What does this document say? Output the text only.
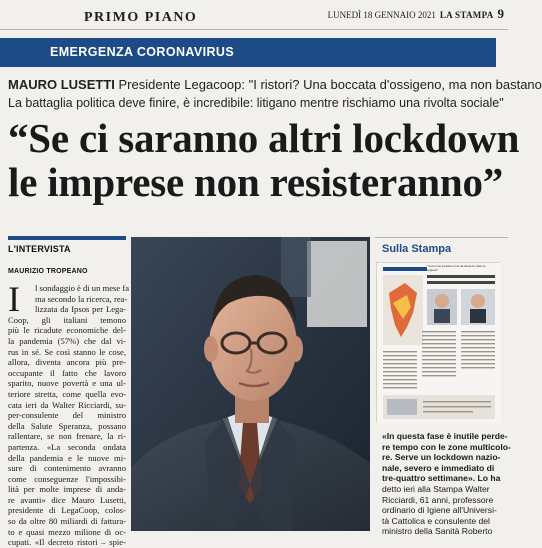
PRIMO PIANO	LUNEDÌ 18 GENNAIO 2021 LA STAMPA 9
EMERGENZA CORONAVIRUS
MAURO LUSETTI Presidente Legacoop: "I ristori? Una boccata d'ossigeno, ma non bastano
La battaglia politica deve finire, è incredibile: litigano mentre rischiamo una rivolta sociale"
“Se ci saranno altri lockdown
le imprese non resisteranno”
L'INTERVISTA
MAURIZIO TROPEANO
I	l sondaggio è di un mese fa
ma secondo la ricerca, rea-
lizzata da Ipsos per Lega-
Coop, gli italiani temono
più le ricadute economiche del-
la pandemia (57%) che dal vi-
rus in sé. Se così stanno le cose,
allora, diventa ancora più pre-
occupante il fatto che lavoro
sparito, nuove povertà e una ul-
teriore stretta, come quella evo-
cata ieri da Walter Ricciardi, su-
per-consulente del ministro
della Salute Speranza, possano
rallentare, se non frenare, la ri-
partenza. «La seconda ondata
della pandemia e le nuove mi-
sure di contenimento avranno
come conseguenze l'impossibi-
lità per molte imprese di anda-
re avanti» dice Mauro Lusetti,
presidente di LegaCoop, colos-
so da oltre 80 miliardi di fattura-
to e quasi mezzo milione di oc-
cupati. «Il decreto ristori – spie-
Sulla Stampa
"Serve un lockdown di un mese in tutte le regioni"
«In questa fase è inutile perde-
re tempo con le zone multicolo-
re. Serve un lockdown nazio-
nale, severo e immediato di
tre-quattro settimane». Lo ha
detto ieri alla Stampa Walter
Ricciardi, 61 anni, professore
ordinario di Igiene all'Universi-
tà Cattolica e consulente del
ministro della Sanità Roberto
